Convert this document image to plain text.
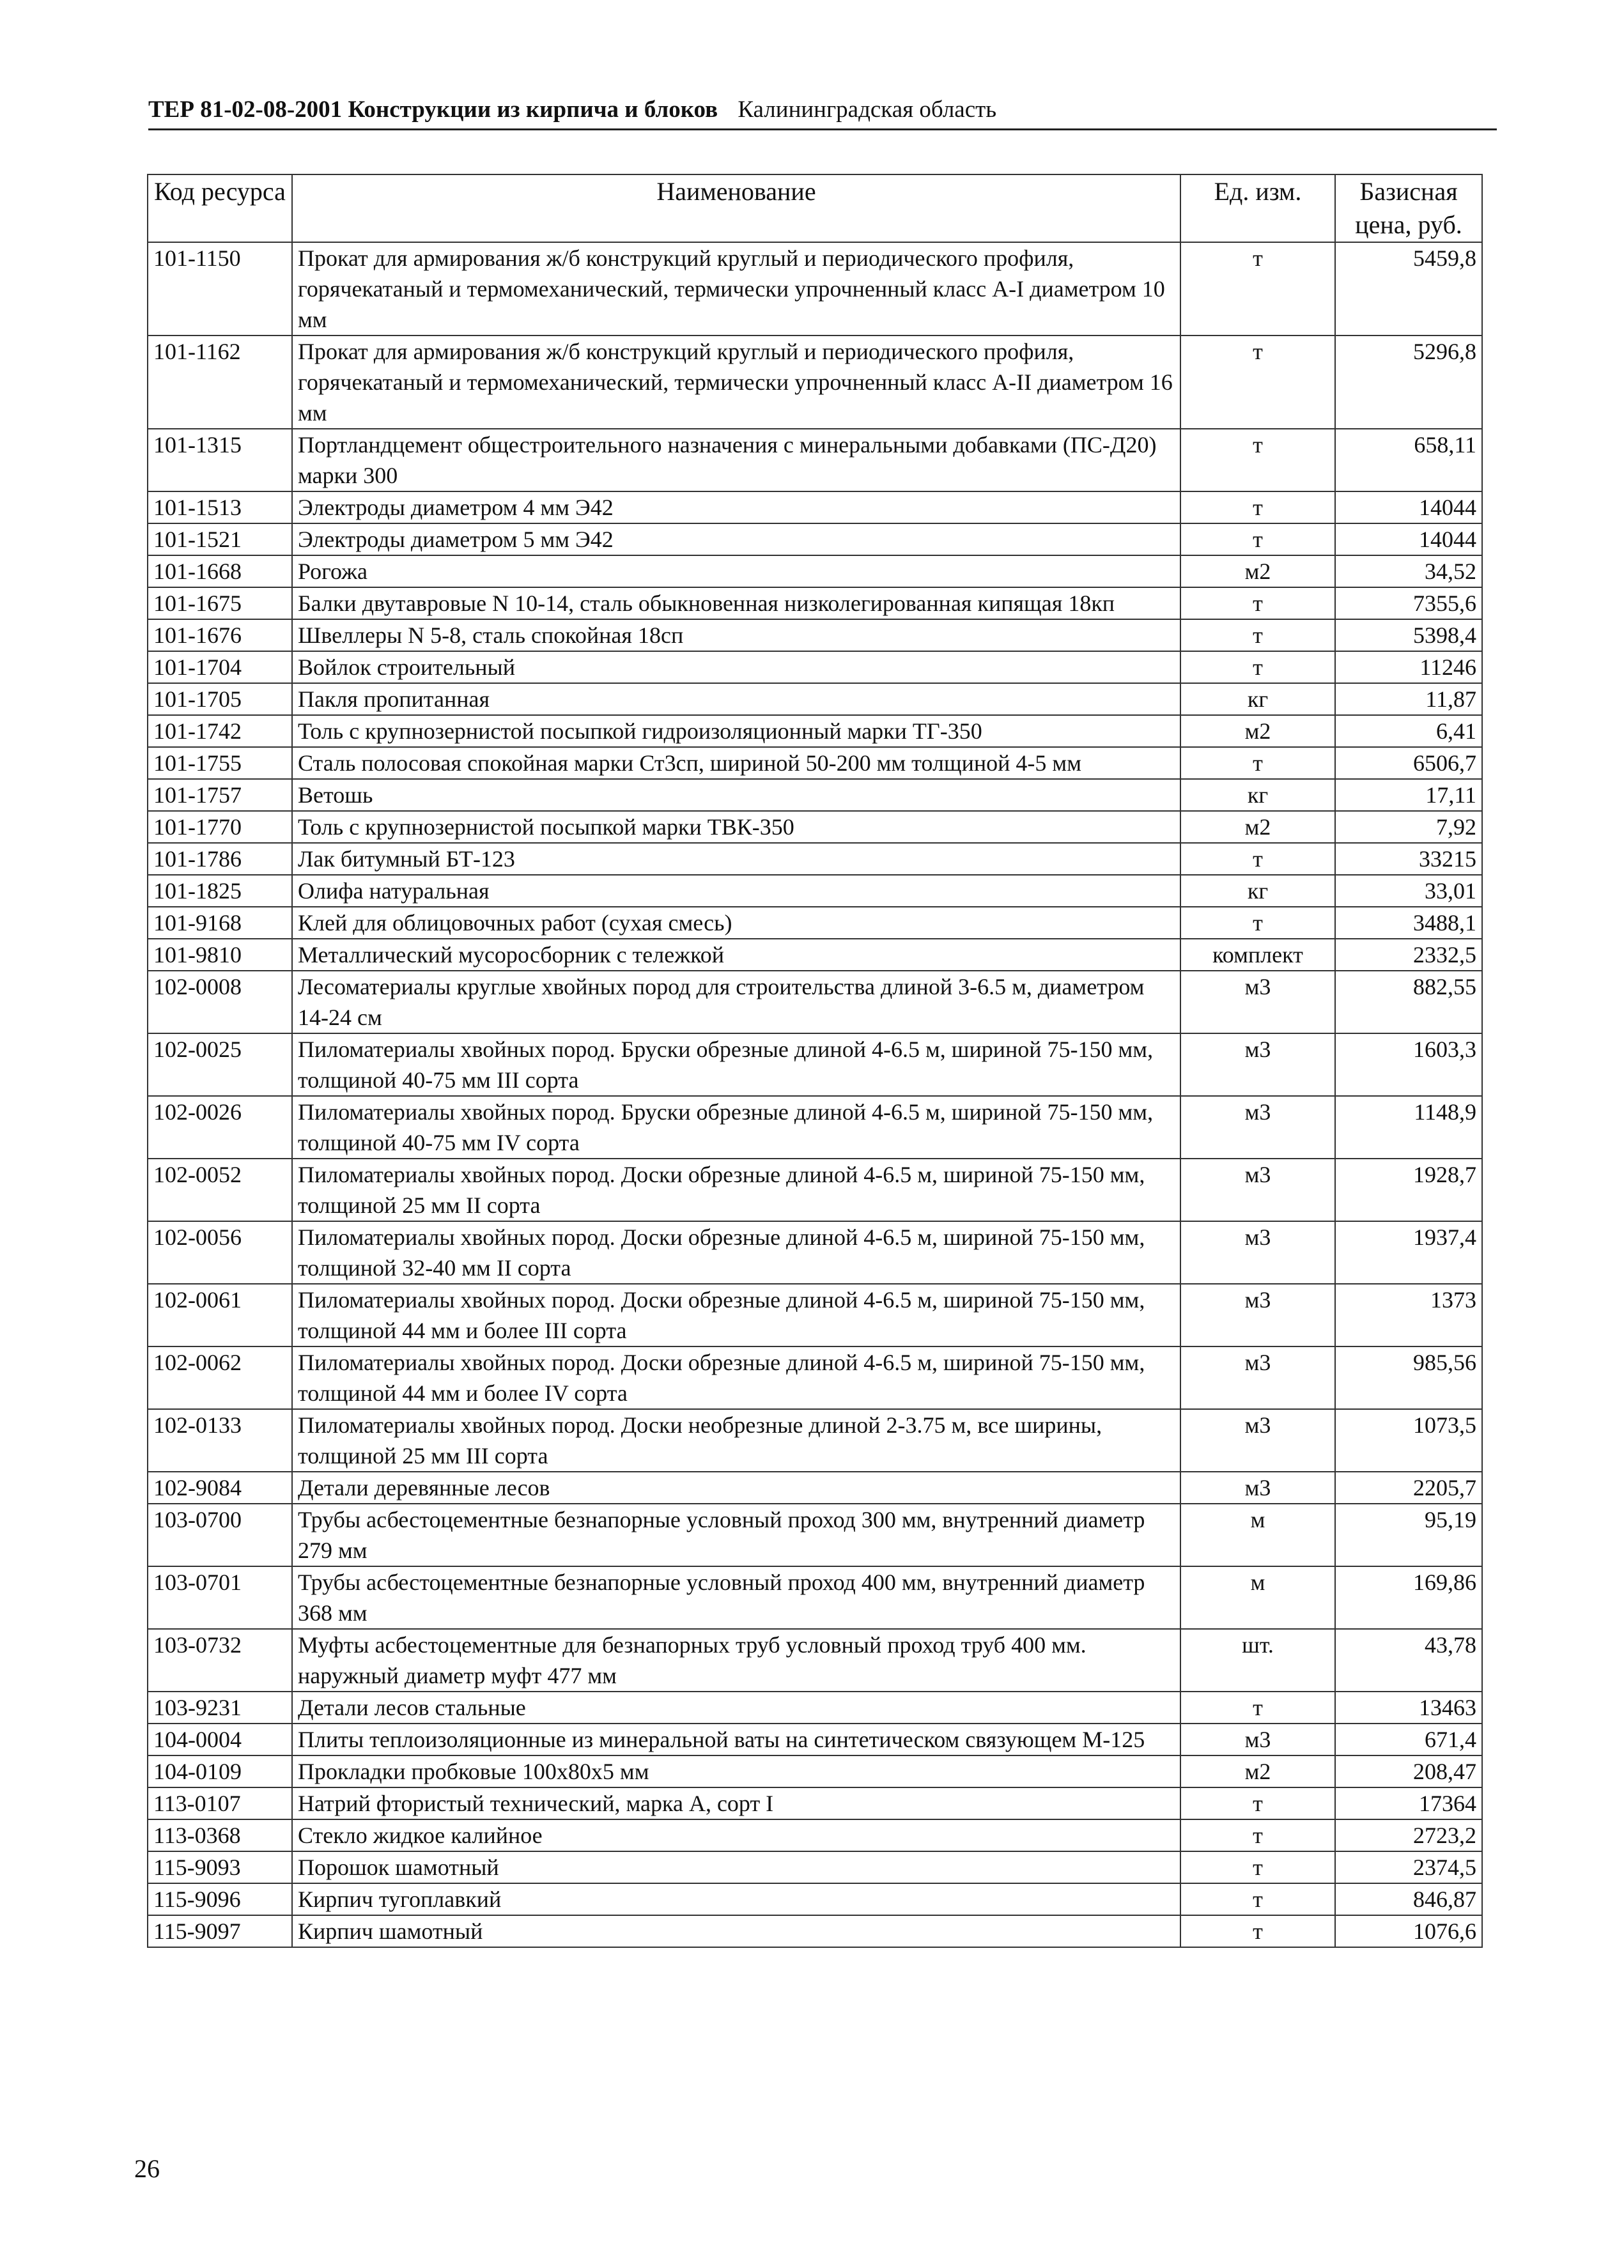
ТЕР 81-02-08-2001 Конструкции из кирпича и блоков Калининградская область
Код ресурса	Наименование	Ед. изм.	Базисная цена, руб.
101-1150	Прокат для армирования ж/б конструкций круглый и периодического профиля, горячекатаный и термомеханический, термически упрочненный класс А-I диаметром 10 мм	т	5459,8
101-1162	Прокат для армирования ж/б конструкций круглый и периодического профиля, горячекатаный и термомеханический, термически упрочненный класс А-II диаметром 16 мм	т	5296,8
101-1315	Портландцемент общестроительного назначения с минеральными добавками (ПС-Д20) марки 300	т	658,11
101-1513	Электроды диаметром 4 мм Э42	т	14044
101-1521	Электроды диаметром 5 мм Э42	т	14044
101-1668	Рогожа	м2	34,52
101-1675	Балки двутавровые N 10-14, сталь обыкновенная низколегированная кипящая 18кп	т	7355,6
101-1676	Швеллеры N 5-8, сталь спокойная 18сп	т	5398,4
101-1704	Войлок строительный	т	11246
101-1705	Пакля пропитанная	кг	11,87
101-1742	Толь с крупнозернистой посыпкой гидроизоляционный марки ТГ-350	м2	6,41
101-1755	Сталь полосовая спокойная марки Ст3сп, шириной 50-200 мм толщиной 4-5 мм	т	6506,7
101-1757	Ветошь	кг	17,11
101-1770	Толь с крупнозернистой посыпкой марки ТВК-350	м2	7,92
101-1786	Лак битумный БТ-123	т	33215
101-1825	Олифа натуральная	кг	33,01
101-9168	Клей для облицовочных работ (сухая смесь)	т	3488,1
101-9810	Металлический мусоросборник с тележкой	комплект	2332,5
102-0008	Лесоматериалы круглые хвойных пород для строительства длиной 3-6.5 м, диаметром 14-24 см	м3	882,55
102-0025	Пиломатериалы хвойных пород. Бруски обрезные длиной 4-6.5 м, шириной 75-150 мм, толщиной 40-75 мм III сорта	м3	1603,3
102-0026	Пиломатериалы хвойных пород. Бруски обрезные длиной 4-6.5 м, шириной 75-150 мм, толщиной 40-75 мм IV сорта	м3	1148,9
102-0052	Пиломатериалы хвойных пород. Доски обрезные длиной 4-6.5 м, шириной 75-150 мм, толщиной 25 мм II сорта	м3	1928,7
102-0056	Пиломатериалы хвойных пород. Доски обрезные длиной 4-6.5 м, шириной 75-150 мм, толщиной 32-40 мм II сорта	м3	1937,4
102-0061	Пиломатериалы хвойных пород. Доски обрезные длиной 4-6.5 м, шириной 75-150 мм, толщиной 44 мм и более III сорта	м3	1373
102-0062	Пиломатериалы хвойных пород. Доски обрезные длиной 4-6.5 м, шириной 75-150 мм, толщиной 44 мм и более IV сорта	м3	985,56
102-0133	Пиломатериалы хвойных пород. Доски необрезные длиной 2-3.75 м, все ширины, толщиной 25 мм III сорта	м3	1073,5
102-9084	Детали деревянные лесов	м3	2205,7
103-0700	Трубы асбестоцементные безнапорные условный проход 300 мм, внутренний диаметр 279 мм	м	95,19
103-0701	Трубы асбестоцементные безнапорные условный проход 400 мм, внутренний диаметр 368 мм	м	169,86
103-0732	Муфты асбестоцементные для безнапорных труб условный проход труб 400 мм. наружный диаметр муфт 477 мм	шт.	43,78
103-9231	Детали лесов стальные	т	13463
104-0004	Плиты теплоизоляционные из минеральной ваты на синтетическом связующем М-125	м3	671,4
104-0109	Прокладки пробковые 100х80х5 мм	м2	208,47
113-0107	Натрий фтористый технический, марка А, сорт I	т	17364
113-0368	Стекло жидкое калийное	т	2723,2
115-9093	Порошок шамотный	т	2374,5
115-9096	Кирпич тугоплавкий	т	846,87
115-9097	Кирпич шамотный	т	1076,6
26
